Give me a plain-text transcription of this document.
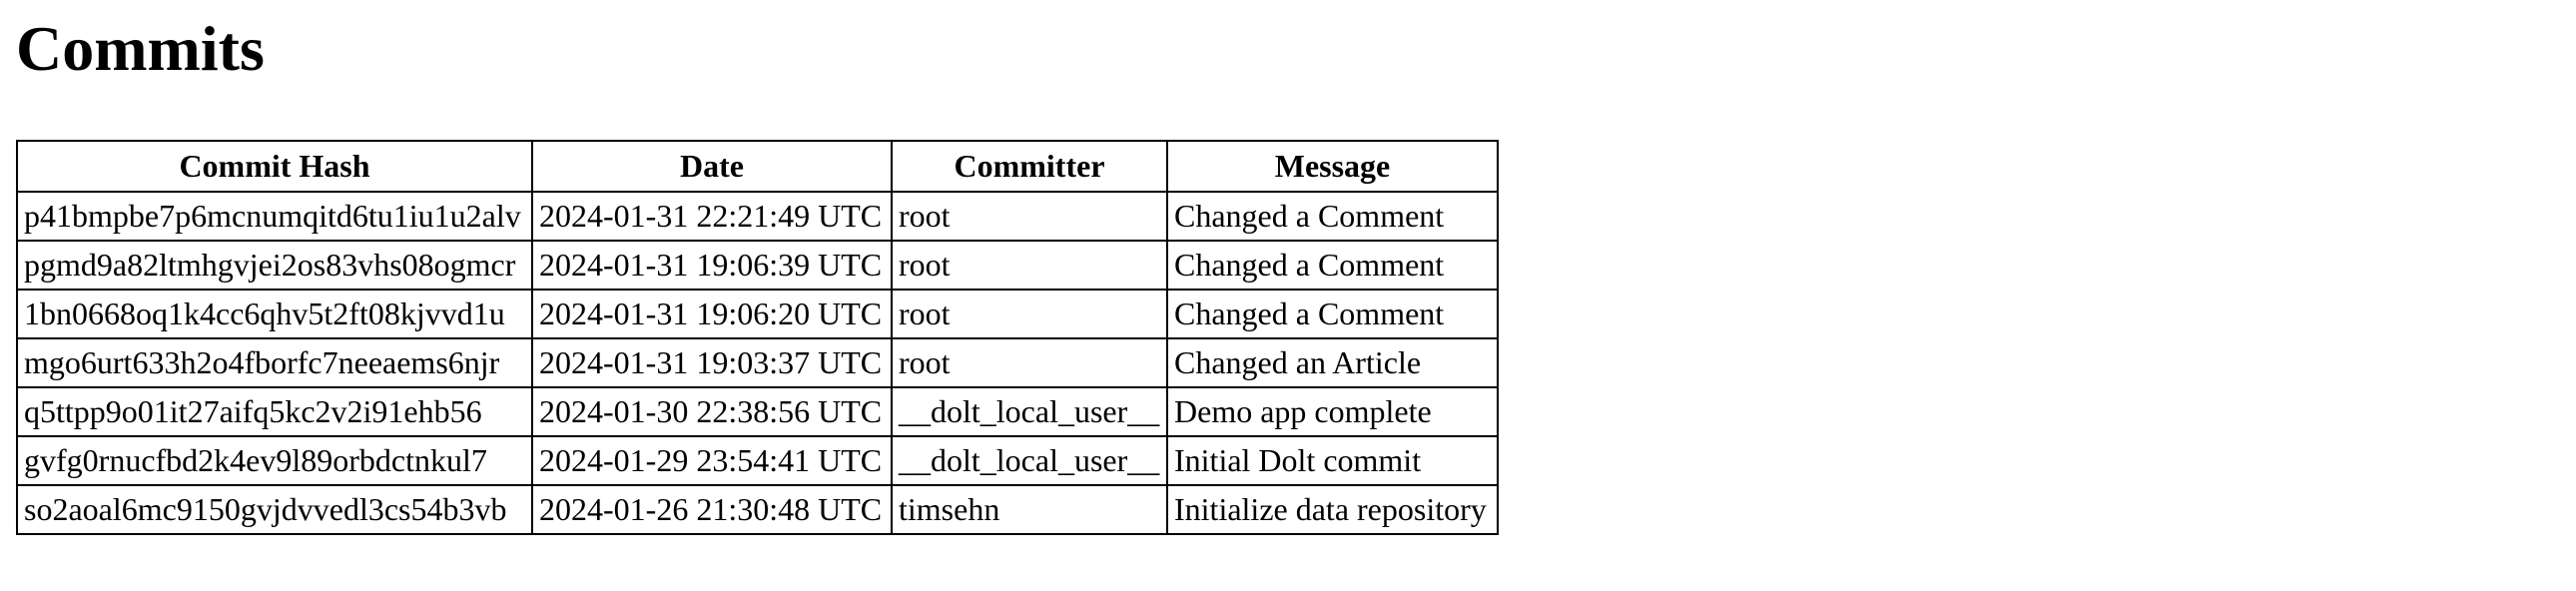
Commits
Commit Hash	Date	Committer	Message
p41bmpbe7p6mcnumqitd6tu1iu1u2alv	2024-01-31 22:21:49 UTC	root	Changed a Comment
pgmd9a82ltmhgvjei2os83vhs08ogmcr	2024-01-31 19:06:39 UTC	root	Changed a Comment
1bn0668oq1k4cc6qhv5t2ft08kjvvd1u	2024-01-31 19:06:20 UTC	root	Changed a Comment
mgo6urt633h2o4fborfc7neeaems6njr	2024-01-31 19:03:37 UTC	root	Changed an Article
q5ttpp9o01it27aifq5kc2v2i91ehb56	2024-01-30 22:38:56 UTC	__dolt_local_user__	Demo app complete
gvfg0rnucfbd2k4ev9l89orbdctnkul7	2024-01-29 23:54:41 UTC	__dolt_local_user__	Initial Dolt commit
so2aoal6mc9150gvjdvvedl3cs54b3vb	2024-01-26 21:30:48 UTC	timsehn	Initialize data repository
